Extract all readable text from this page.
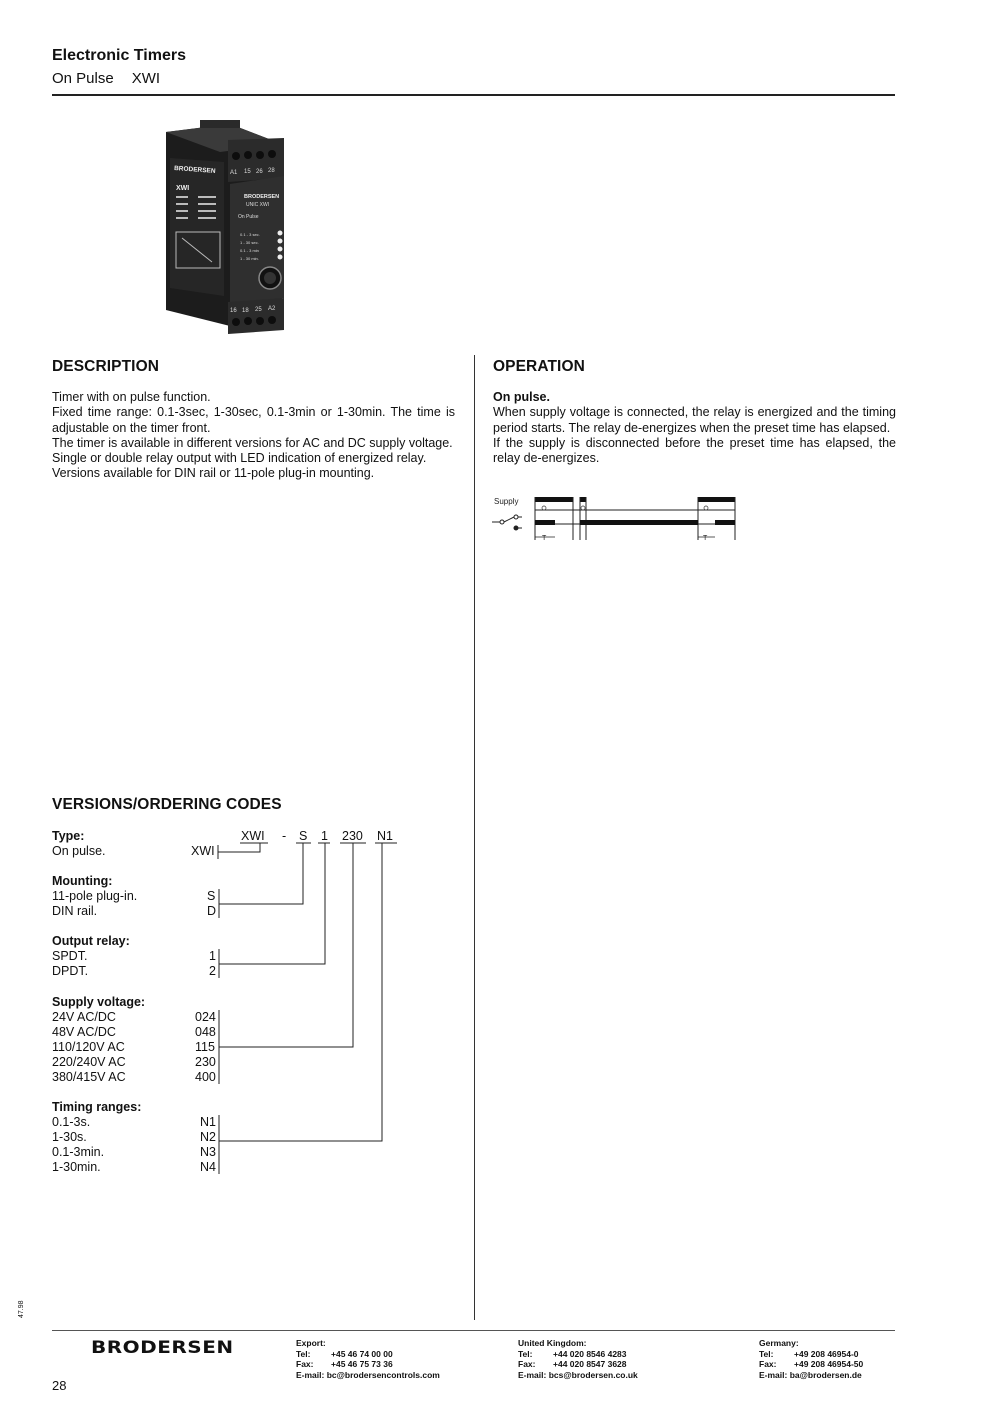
Electronic Timers
On Pulse XWI
A1 15 26 28
BRODERSEN
XWI
BRODERSEN
UNIC XWI
On Pulse
0.1 - 3 sec.
1 - 30 sec.
0.1 - 3 min
1 - 30 min.
16 18 25 A2
DESCRIPTION

Timer with on pulse function.

Fixed time range: 0.1-3sec, 1-30sec, 0.1-3min or 1-30min. The time is adjustable on the timer front.

The timer is available in different versions for AC and DC supply voltage.

Single or double relay output with LED indication of energized relay.

Versions available for DIN rail or 11-pole plug-in mounting.

OPERATION

On pulse.

When supply voltage is connected, the relay is energized and the timing period starts. The relay de-energizes when the preset time has elapsed.

If the supply is disconnected before the preset time has elapsed, the relay de-energizes.

Supply
T	T
VERSIONS/ORDERING CODES
XWI - S 1 230 N1
Type:
On pulse.	XWI
Mounting:
11-pole plug-in.	S
DIN rail.	D
Output relay:
SPDT.	1
DPDT.	2
Supply voltage:
24V AC/DC	024
48V AC/DC	048
110/120V AC	115
220/240V AC	230
380/415V AC	400
Timing ranges:
0.1-3s.	N1
1-30s.	N2
0.1-3min.	N3
1-30min.	N4
47.98
BRODERSEN
28
Export:
Tel: +45 46 74 00 00
Fax: +45 46 75 73 36
E-mail: bc@brodersencontrols.com
United Kingdom:
Tel: +44 020 8546 4283
Fax: +44 020 8547 3628
E-mail: bcs@brodersen.co.uk
Germany:
Tel: +49 208 46954-0
Fax: +49 208 46954-50
E-mail: ba@brodersen.de
